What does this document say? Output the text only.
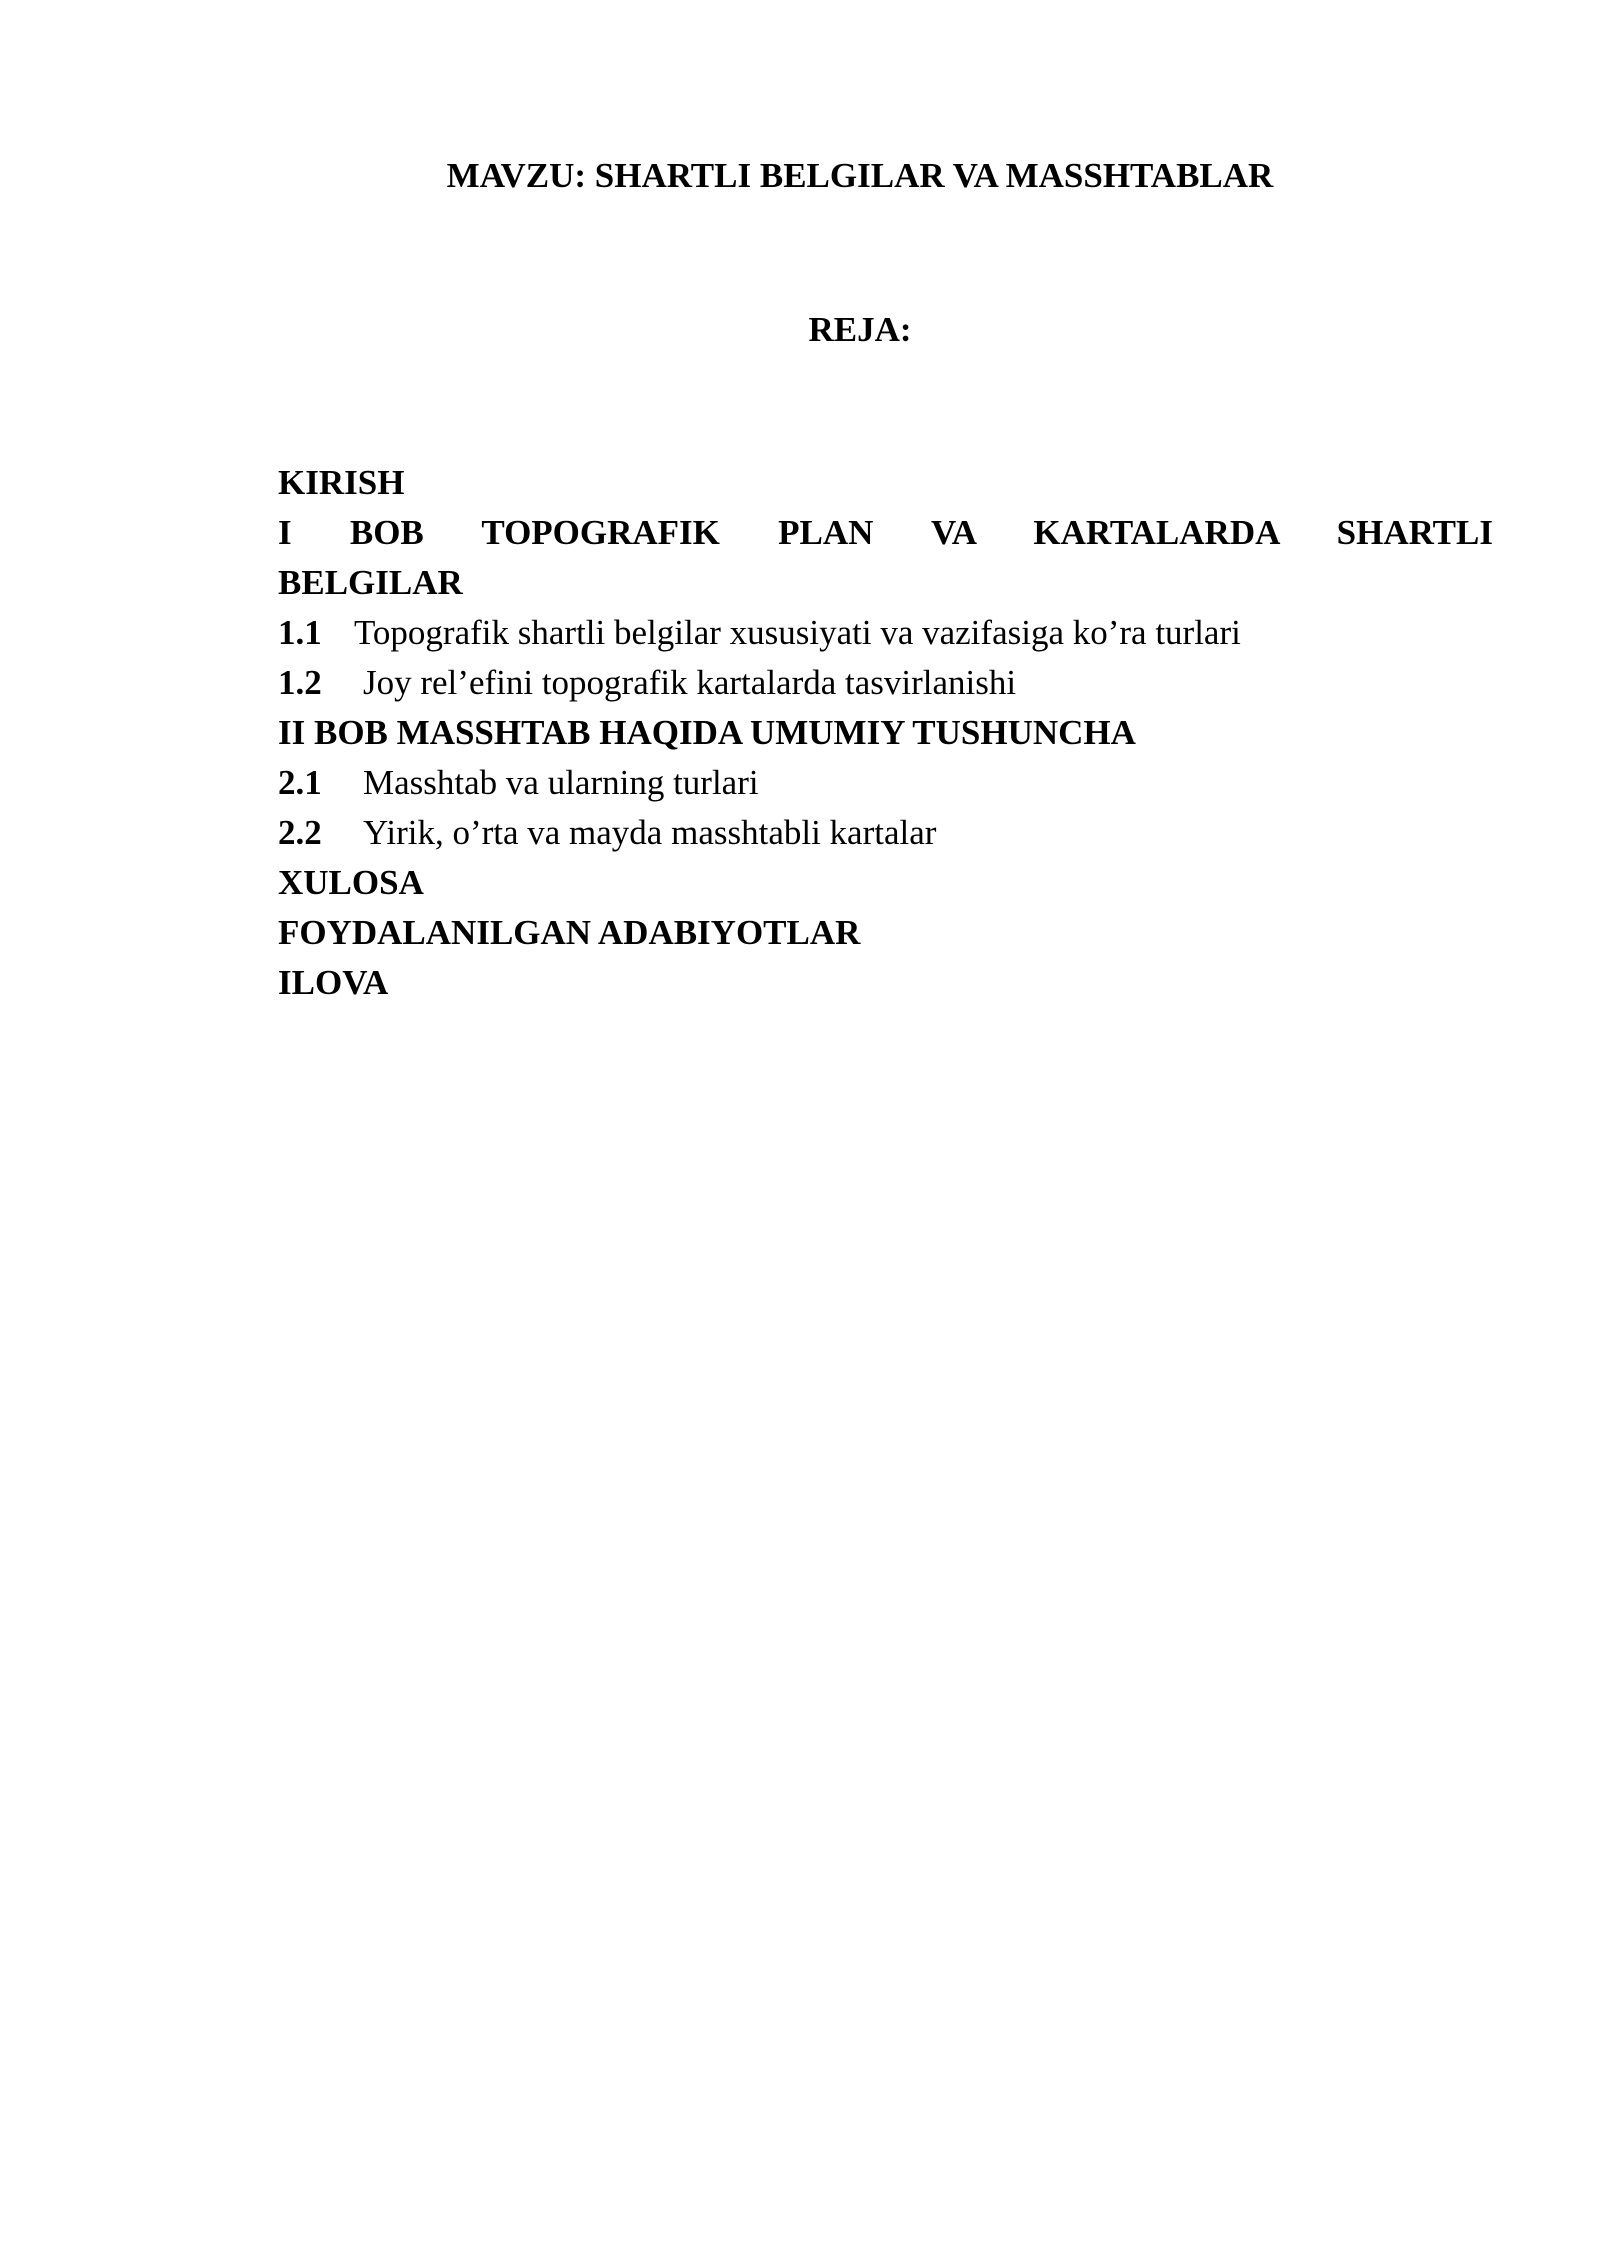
MAVZU: SHARTLI BELGILAR VA MASSHTABLAR
REJA:
KIRISH
I BOB TOPOGRAFIK PLAN VA KARTALARDA SHARTLI
BELGILAR
1.1 Topografik shartli belgilar xususiyati va vazifasiga ko’ra turlari
1.2 Joy rel’efini topografik kartalarda tasvirlanishi
II BOB MASSHTAB HAQIDA UMUMIY TUSHUNCHA
2.1 Masshtab va ularning turlari
2.2 Yirik, o’rta va mayda masshtabli kartalar
XULOSA
FOYDALANILGAN ADABIYOTLAR
ILOVA
